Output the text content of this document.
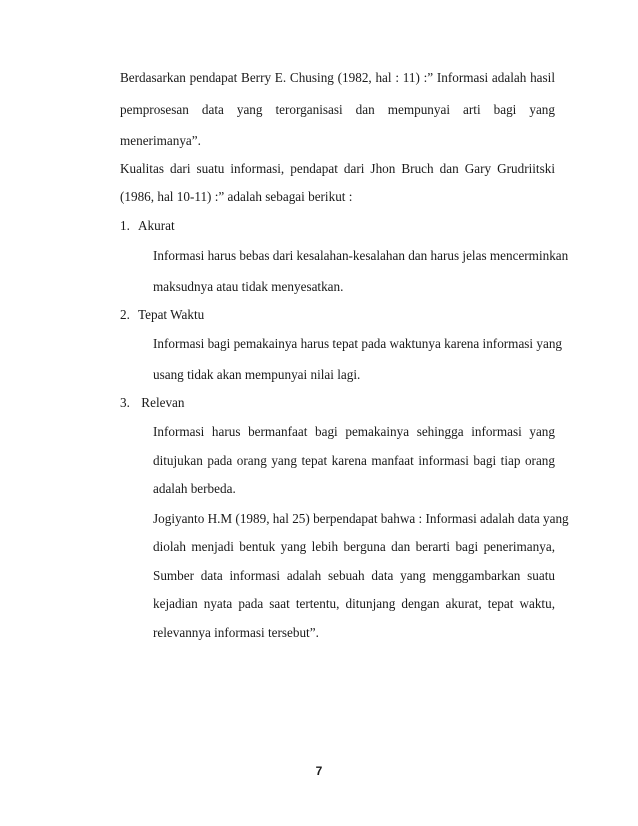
Berdasarkan pendapat Berry E. Chusing (1982, hal : 11) :” Informasi adalah hasil
pemprosesan data yang terorganisasi dan mempunyai arti bagi yang
menerimanya”.
Kualitas dari suatu informasi, pendapat dari Jhon Bruch dan Gary Grudriitski
(1986, hal 10-11) :” adalah sebagai berikut :
1. Akurat
Informasi harus bebas dari kesalahan-kesalahan dan harus jelas mencerminkan
maksudnya atau tidak menyesatkan.
2. Tepat Waktu
Informasi bagi pemakainya harus tepat pada waktunya karena informasi yang
usang tidak akan mempunyai nilai lagi.
3. Relevan
Informasi harus bermanfaat bagi pemakainya sehingga informasi yang
ditujukan pada orang yang tepat karena manfaat informasi bagi tiap orang
adalah berbeda.
Jogiyanto H.M (1989, hal 25) berpendapat bahwa : Informasi adalah data yang
diolah menjadi bentuk yang lebih berguna dan berarti bagi penerimanya,
Sumber data informasi adalah sebuah data yang menggambarkan suatu
kejadian nyata pada saat tertentu, ditunjang dengan akurat, tepat waktu,
relevannya informasi tersebut”.
7
